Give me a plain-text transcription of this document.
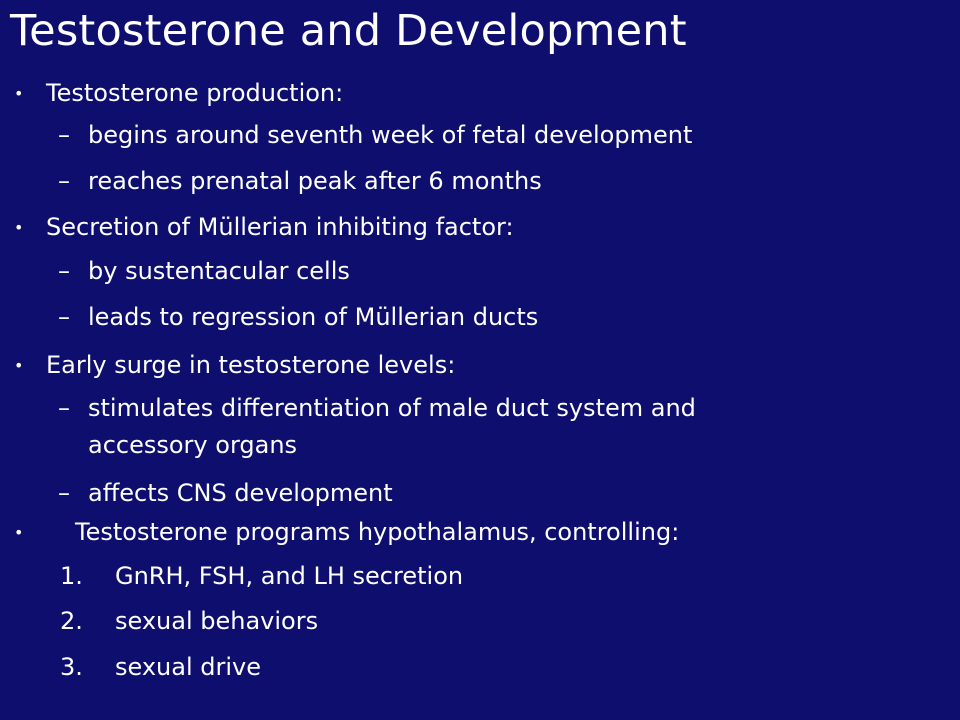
Testosterone and Development
• Testosterone production:
– begins around seventh week of fetal development
– reaches prenatal peak after 6 months
• Secretion of Müllerian inhibiting factor:
– by sustentacular cells
– leads to regression of Müllerian ducts
• Early surge in testosterone levels:
– stimulates differentiation of male duct system and
accessory organs
– affects CNS development
• Testosterone programs hypothalamus, controlling:
1. GnRH, FSH, and LH secretion
2. sexual behaviors
3. sexual drive
